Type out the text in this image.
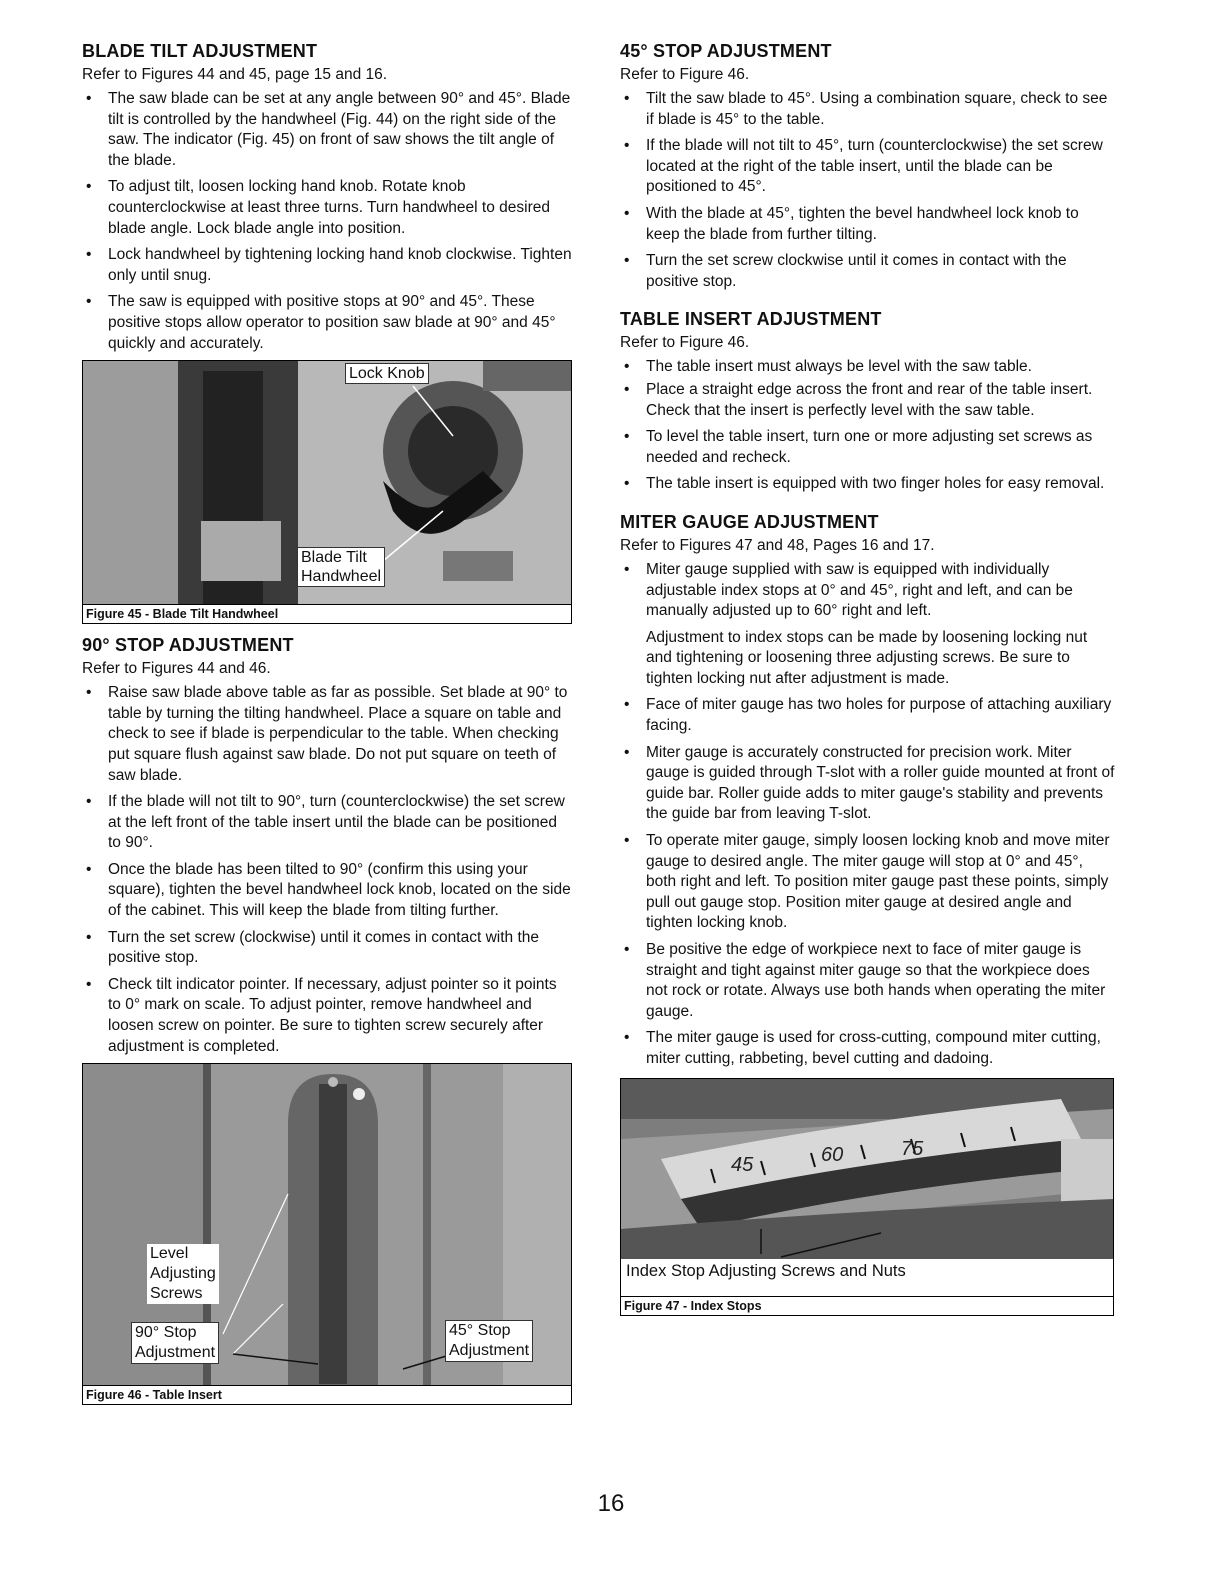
BLADE TILT ADJUSTMENT

Refer to Figures 44 and 45, page 15 and 16.

• The saw blade can be set at any angle between 90° and 45°. Blade tilt is controlled by the handwheel (Fig. 44) on the right side of the saw. The indicator (Fig. 45) on front of saw shows the tilt angle of the blade.
• To adjust tilt, loosen locking hand knob. Rotate knob counterclockwise at least three turns. Turn handwheel to desired blade angle. Lock blade angle into position.
• Lock handwheel by tightening locking hand knob clockwise. Tighten only until snug.
• The saw is equipped with positive stops at 90° and 45°. These positive stops allow operator to position saw blade at 90° and 45° quickly and accurately.
Lock Knob
Blade Tilt
Handwheel
Figure 45 - Blade Tilt Handwheel
90° STOP ADJUSTMENT

Refer to Figures 44 and 46.

• Raise saw blade above table as far as possible. Set blade at 90° to table by turning the tilting handwheel. Place a square on table and check to see if blade is perpendicular to the table. When checking put square flush against saw blade. Do not put square on teeth of saw blade.
• If the blade will not tilt to 90°, turn (counterclockwise) the set screw at the left front of the table insert until the blade can be positioned to 90°.
• Once the blade has been tilted to 90° (confirm this using your square), tighten the bevel handwheel lock knob, located on the side of the cabinet. This will keep the blade from tilting further.
• Turn the set screw (clockwise) until it comes in contact with the positive stop.
• Check tilt indicator pointer. If necessary, adjust pointer so it points to 0° mark on scale. To adjust pointer, remove handwheel and loosen screw on pointer. Be sure to tighten screw securely after adjustment is completed.
Level
Adjusting
Screws
90° Stop
Adjustment
45° Stop
Adjustment
Figure 46 - Table Insert
45° STOP ADJUSTMENT

Refer to Figure 46.

• Tilt the saw blade to 45°. Using a combination square, check to see if blade is 45° to the table.
• If the blade will not tilt to 45°, turn (counterclockwise) the set screw located at the right of the table insert, until the blade can be positioned to 45°.
• With the blade at 45°, tighten the bevel handwheel lock knob to keep the blade from further tilting.
• Turn the set screw clockwise until it comes in contact with the positive stop.
TABLE INSERT ADJUSTMENT

Refer to Figure 46.

• The table insert must always be level with the saw table.
• Place a straight edge across the front and rear of the table insert. Check that the insert is perfectly level with the saw table.
• To level the table insert, turn one or more adjusting set screws as needed and recheck.
• The table insert is equipped with two finger holes for easy removal.
MITER GAUGE ADJUSTMENT

Refer to Figures 47 and 48, Pages 16 and 17.

• Miter gauge supplied with saw is equipped with individually adjustable index stops at 0° and 45°, right and left, and can be manually adjusted up to 60° right and left.

Adjustment to index stops can be made by loosening locking nut and tightening or loosening three adjusting screws. Be sure to tighten locking nut after adjustment is made.

• Face of miter gauge has two holes for purpose of attaching auxiliary facing.
• Miter gauge is accurately constructed for precision work. Miter gauge is guided through T-slot with a roller guide mounted at front of guide bar. Roller guide adds to miter gauge's stability and prevents the guide bar from leaving T-slot.
• To operate miter gauge, simply loosen locking knob and move miter gauge to desired angle. The miter gauge will stop at 0° and 45°, both right and left. To position miter gauge past these points, simply pull out gauge stop. Position miter gauge at desired angle and tighten locking knob.
• Be positive the edge of workpiece next to face of miter gauge is straight and tight against miter gauge so that the workpiece does not rock or rotate. Always use both hands when operating the miter gauge.
• The miter gauge is used for cross-cutting, compound miter cutting, miter cutting, rabbeting, bevel cutting and dadoing.
45	60	75
Index Stop Adjusting Screws and Nuts
Figure 47 - Index Stops
16
